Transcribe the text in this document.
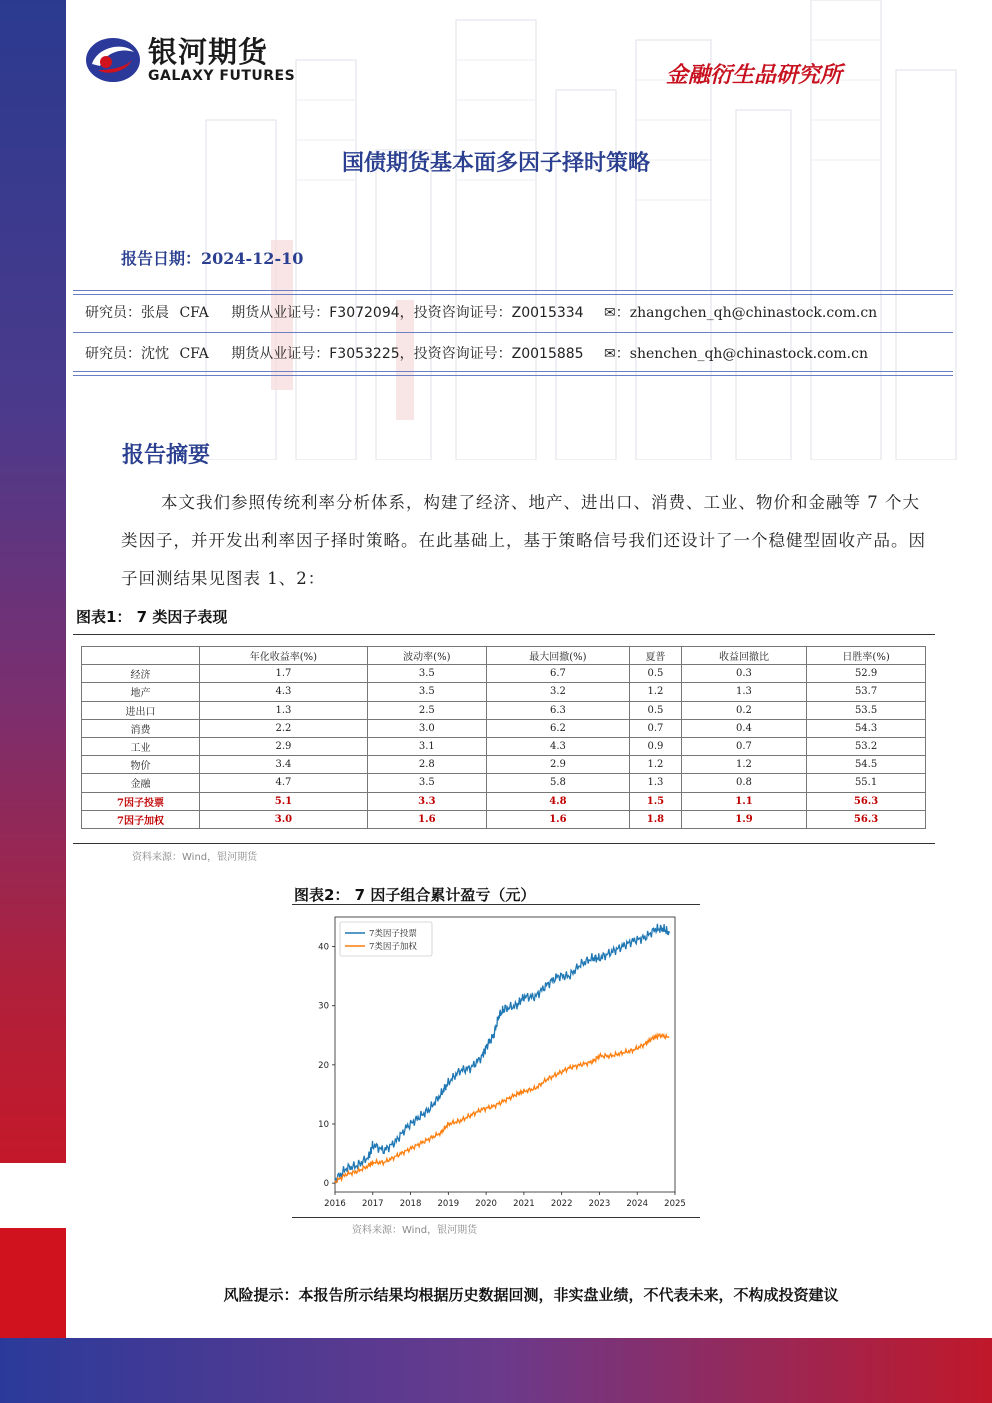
银河期货
GALAXY FUTURES	金融衍生品研究所
国债期货基本面多因子择时策略
报告日期：2024-12-10
研究员：张晨 CFA 期货从业证号：F3072094，投资咨询证号：Z0015334 ✉：zhangchen_qh@chinastock.com.cn
研究员：沈忱 CFA 期货从业证号：F3053225，投资咨询证号：Z0015885 ✉：shenchen_qh@chinastock.com.cn
报告摘要
本文我们参照传统利率分析体系，构建了经济、地产、进出口、消费、工业、物价和金融等 7 个大类因子，并开发出利率因子择时策略。在此基础上，基于策略信号我们还设计了一个稳健型固收产品。因子回测结果见图表 1、2：
图表1： 7 类因子表现
	年化收益率(%)	波动率(%)	最大回撤(%)	夏普	收益回撤比	日胜率(%)
经济	1.7	3.5	6.7	0.5	0.3	52.9
地产	4.3	3.5	3.2	1.2	1.3	53.7
进出口	1.3	2.5	6.3	0.5	0.2	53.5
消费	2.2	3.0	6.2	0.7	0.4	54.3
工业	2.9	3.1	4.3	0.9	0.7	53.2
物价	3.4	2.8	2.9	1.2	1.2	54.5
金融	4.7	3.5	5.8	1.3	0.8	55.1
7因子投票	5.1	3.3	4.8	1.5	1.1	56.3
7因子加权	3.0	1.6	1.6	1.8	1.9	56.3
资料来源：Wind，银河期货
图表2： 7 因子组合累计盈亏（元）
2016 2017 2018 2019 2020 2021 2022 2023 2024 2025
0
10
20
30
40
7类因子投票
7类因子加权
资料来源：Wind，银河期货
风险提示：本报告所示结果均根据历史数据回测，非实盘业绩，不代表未来，不构成投资建议
